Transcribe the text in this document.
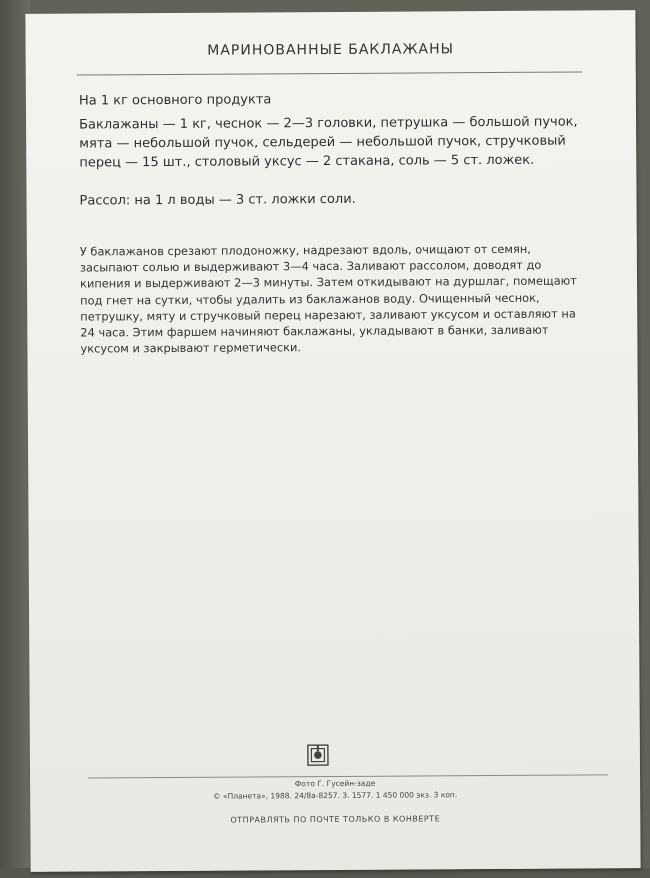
МАРИНОВАННЫЕ БАКЛАЖАНЫ
На 1 кг основного продукта
Баклажаны — 1 кг, чеснок — 2—3 головки, петрушка — большой пучок, мята — небольшой пучок, сельдерей — небольшой пучок, стручковый перец — 15 шт., столовый уксус — 2 стакана, соль — 5 ст. ложек.
Рассол: на 1 л воды — 3 ст. ложки соли.
У баклажанов срезают плодоножку, надрезают вдоль, очищают от семян, засыпают солью и выдерживают 3—4 часа. Заливают рассолом, доводят до кипения и выдерживают 2—3 минуты. Затем откидывают на дуршлаг, помещают под гнет на сутки, чтобы удалить из баклажанов воду. Очищенный чеснок, петрушку, мяту и стручковый перец нарезают, заливают уксусом и оставляют на 24 часа. Этим фаршем начиняют баклажаны, укладывают в банки, заливают уксусом и закрывают герметически.
Фото Г. Гусейн-заде
© «Планета», 1988. 24/8а-8257. 3. 1577. 1 450 000 экз. 3 коп.
ОТПРАВЛЯТЬ ПО ПОЧТЕ ТОЛЬКО В КОНВЕРТЕ
